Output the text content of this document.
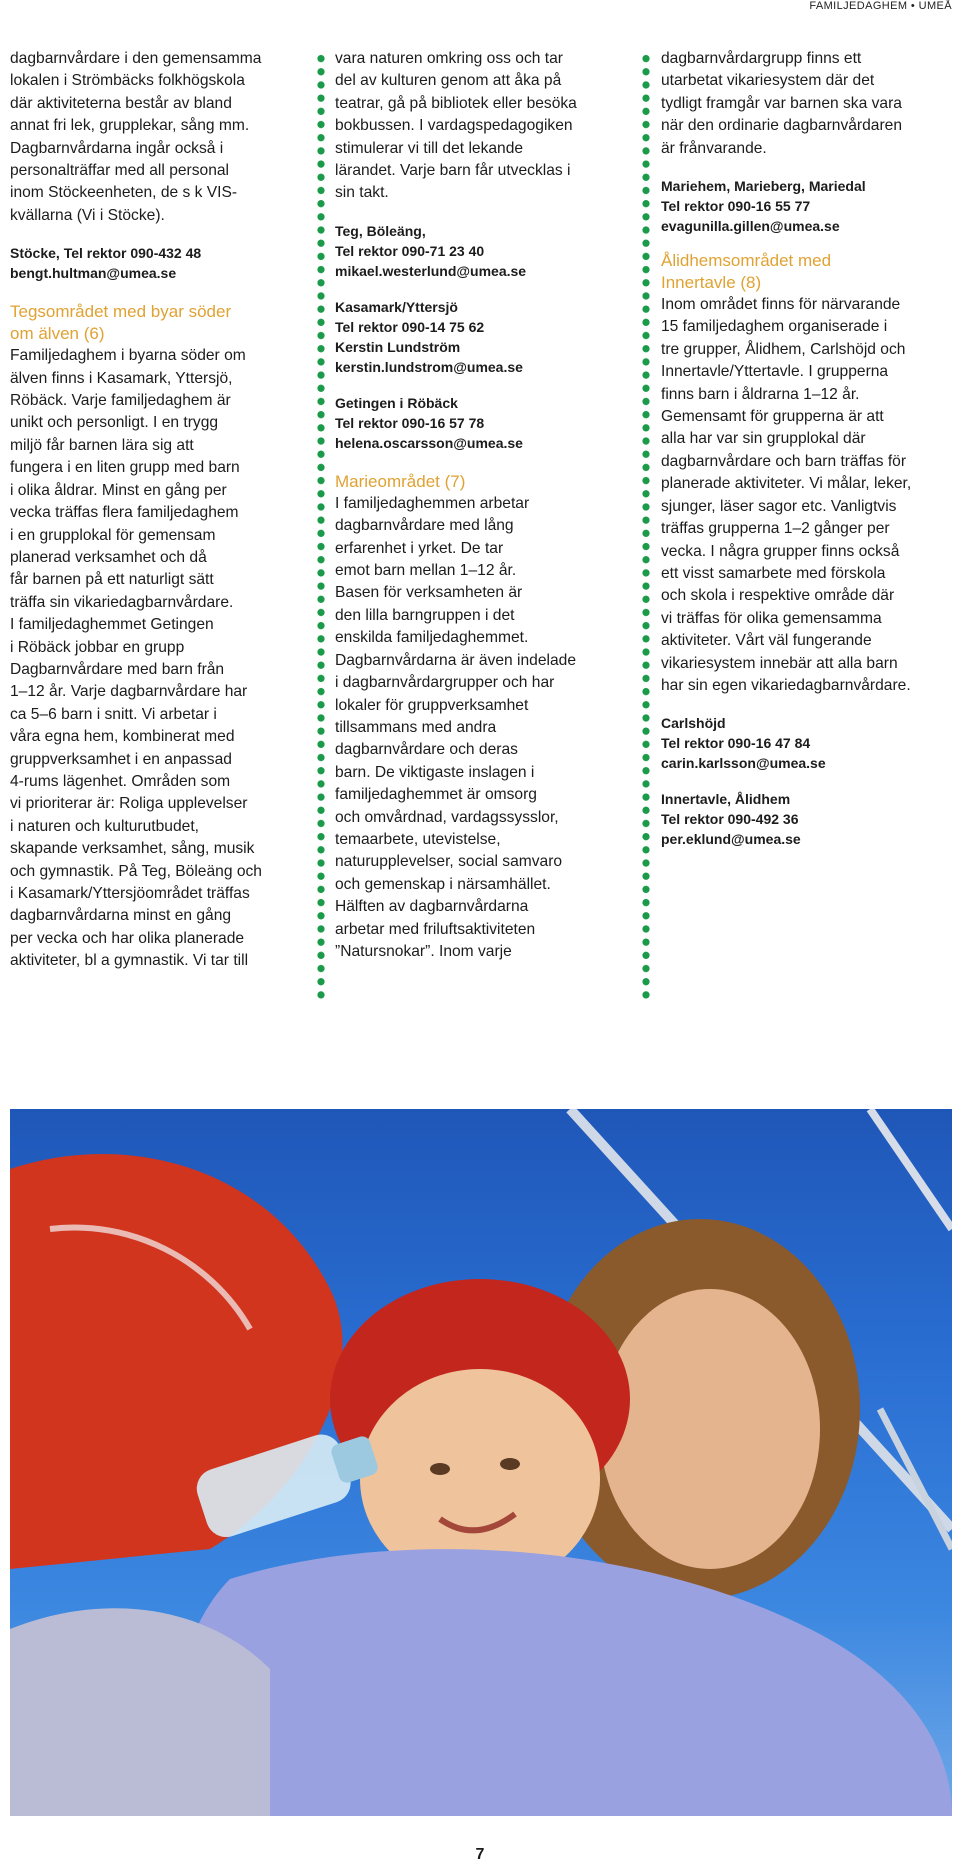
FAMILJEDAGHEM • UMEÅ

dagbarnvårdare i den gemensamma
lokalen i Strömbäcks folkhögskola
där aktiviteterna består av bland
annat fri lek, grupplekar, sång mm.
Dagbarnvårdarna ingår också i
personalträffar med all personal
inom Stöckeenheten, de s k VIS-
kvällarna (Vi i Stöcke).

Stöcke, Tel rektor 090-432 48
bengt.hultman@umea.se

Tegsområdet med byar söder
om älven (6)

Familjedaghem i byarna söder om
älven finns i Kasamark, Yttersjö,
Röbäck. Varje familjedaghem är
unikt och personligt. I en trygg
miljö får barnen lära sig att
fungera i en liten grupp med barn
i olika åldrar. Minst en gång per
vecka träffas flera familjedaghem
i en grupplokal för gemensam
planerad verksamhet och då
får barnen på ett naturligt sätt
träffa sin vikariedagbarnvårdare.
I familjedaghemmet Getingen
i Röbäck jobbar en grupp
Dagbarnvårdare med barn från
1–12 år. Varje dagbarnvårdare har
ca 5–6 barn i snitt. Vi arbetar i
våra egna hem, kombinerat med
gruppverksamhet i en anpassad
4-rums lägenhet. Områden som
vi prioriterar är: Roliga upplevelser
i naturen och kulturutbudet,
skapande verksamhet, sång, musik
och gymnastik. På Teg, Böleäng och
i Kasamark/Yttersjöområdet träffas
dagbarnvårdarna minst en gång
per vecka och har olika planerade
aktiviteter, bl a gymnastik. Vi tar till

vara naturen omkring oss och tar
del av kulturen genom att åka på
teatrar, gå på bibliotek eller besöka
bokbussen. I vardagspedagogiken
stimulerar vi till det lekande
lärandet. Varje barn får utvecklas i
sin takt.

Teg, Böleäng,
Tel rektor 090-71 23 40
mikael.westerlund@umea.se

Kasamark/Yttersjö
Tel rektor 090-14 75 62
Kerstin Lundström
kerstin.lundstrom@umea.se

Getingen i Röbäck
Tel rektor 090-16 57 78
helena.oscarsson@umea.se

Marieområdet (7)

I familjedaghemmen arbetar
dagbarnvårdare med lång
erfarenhet i yrket. De tar
emot barn mellan 1–12 år.
Basen för verksamheten är
den lilla barngruppen i det
enskilda familjedaghemmet.
Dagbarnvårdarna är även indelade
i dagbarnvårdargrupper och har
lokaler för gruppverksamhet
tillsammans med andra
dagbarnvårdare och deras
barn. De viktigaste inslagen i
familjedaghemmet är omsorg
och omvårdnad, vardagssysslor,
temaarbete, utevistelse,
naturupplevelser, social samvaro
och gemenskap i närsamhället.
Hälften av dagbarnvårdarna
arbetar med friluftsaktiviteten
”Natursnokar”. Inom varje

dagbarnvårdargrupp finns ett
utarbetat vikariesystem där det
tydligt framgår var barnen ska vara
när den ordinarie dagbarnvårdaren
är frånvarande.

Mariehem, Marieberg, Mariedal
Tel rektor 090-16 55 77
evagunilla.gillen@umea.se

Ålidhemsområdet med
Innertavle (8)

Inom området finns för närvarande
15 familjedaghem organiserade i
tre grupper, Ålidhem, Carlshöjd och
Innertavle/Yttertavle. I grupperna
finns barn i åldrarna 1–12 år.
Gemensamt för grupperna är att
alla har var sin grupplokal där
dagbarnvårdare och barn träffas för
planerade aktiviteter. Vi målar, leker,
sjunger, läser sagor etc. Vanligtvis
träffas grupperna 1–2 gånger per
vecka. I några grupper finns också
ett visst samarbete med förskola
och skola i respektive område där
vi träffas för olika gemensamma
aktiviteter. Vårt väl fungerande
vikariesystem innebär att alla barn
har sin egen vikariedagbarnvårdare.

Carlshöjd
Tel rektor 090-16 47 84
carin.karlsson@umea.se

Innertavle, Ålidhem
Tel rektor 090-492 36
per.eklund@umea.se

7
